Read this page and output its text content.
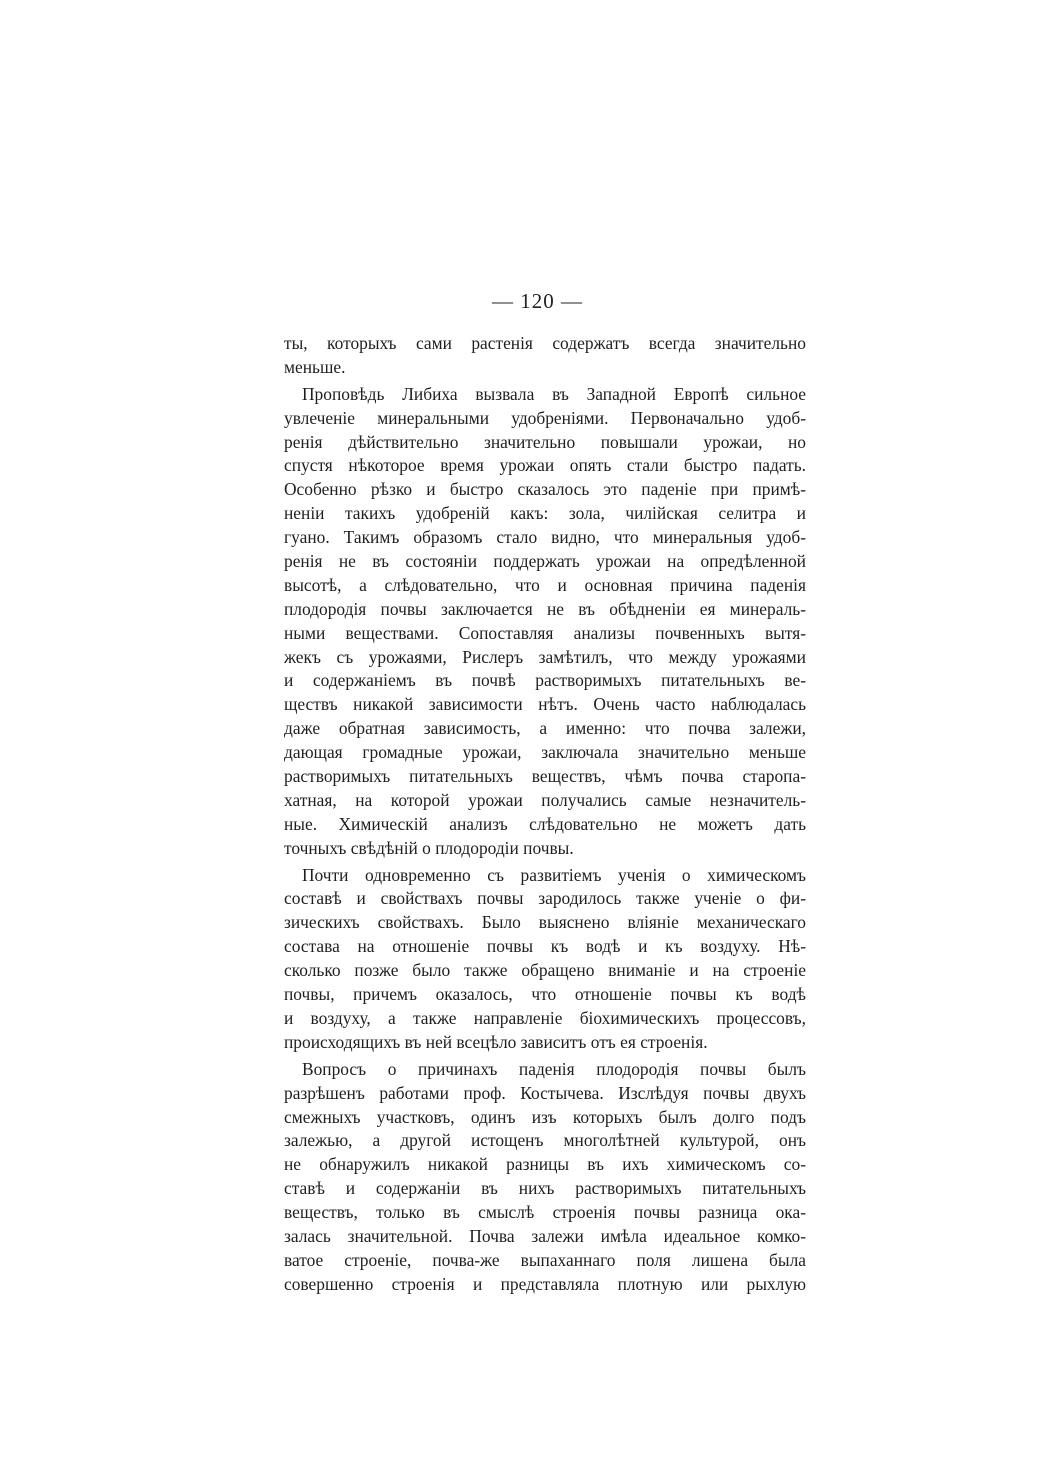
— 120 —
ты, которыхъ сами растенія содержатъ всегда значительно
меньше.
Проповѣдь Либиха вызвала въ Западной Европѣ сильное
увлеченіе минеральными удобреніями. Первоначально удоб-
ренія дѣйствительно значительно повышали урожаи, но
спустя нѣкоторое время урожаи опять стали быстро падать.
Особенно рѣзко и быстро сказалось это паденіе при примѣ-
неніи такихъ удобреній какъ: зола, чилійская селитра и
гуано. Такимъ образомъ стало видно, что минеральныя удоб-
ренія не въ состояніи поддержать урожаи на опредѣленной
высотѣ, а слѣдовательно, что и основная причина паденія
плодородія почвы заключается не въ обѣдненіи ея минераль-
ными веществами. Сопоставляя анализы почвенныхъ вытя-
жекъ съ урожаями, Рислеръ замѣтилъ, что между урожаями
и содержаніемъ въ почвѣ растворимыхъ питательныхъ ве-
ществъ никакой зависимости нѣтъ. Очень часто наблюдалась
даже обратная зависимость, а именно: что почва залежи,
дающая громадные урожаи, заключала значительно меньше
растворимыхъ питательныхъ веществъ, чѣмъ почва старопа-
хатная, на которой урожаи получались самые незначитель-
ные. Химическій анализъ слѣдовательно не можетъ дать
точныхъ свѣдѣній о плодородіи почвы.
Почти одновременно съ развитіемъ ученія о химическомъ
составѣ и свойствахъ почвы зародилось также ученіе о фи-
зическихъ свойствахъ. Было выяснено вліяніе механическаго
состава на отношеніе почвы къ водѣ и къ воздуху. Нѣ-
сколько позже было также обращено вниманіе и на строеніе
почвы, причемъ оказалось, что отношеніе почвы къ водѣ
и воздуху, а также направленіе біохимическихъ процессовъ,
происходящихъ въ ней всецѣло зависитъ отъ ея строенія.
Вопросъ о причинахъ паденія плодородія почвы былъ
разрѣшенъ работами проф. Костычева. Изслѣдуя почвы двухъ
смежныхъ участковъ, одинъ изъ которыхъ былъ долго подъ
залежью, а другой истощенъ многолѣтней культурой, онъ
не обнаружилъ никакой разницы въ ихъ химическомъ со-
ставѣ и содержаніи въ нихъ растворимыхъ питательныхъ
веществъ, только въ смыслѣ строенія почвы разница ока-
залась значительной. Почва залежи имѣла идеальное комко-
ватое строеніе, почва-же выпаханнаго поля лишена была
совершенно строенія и представляла плотную или рыхлую
